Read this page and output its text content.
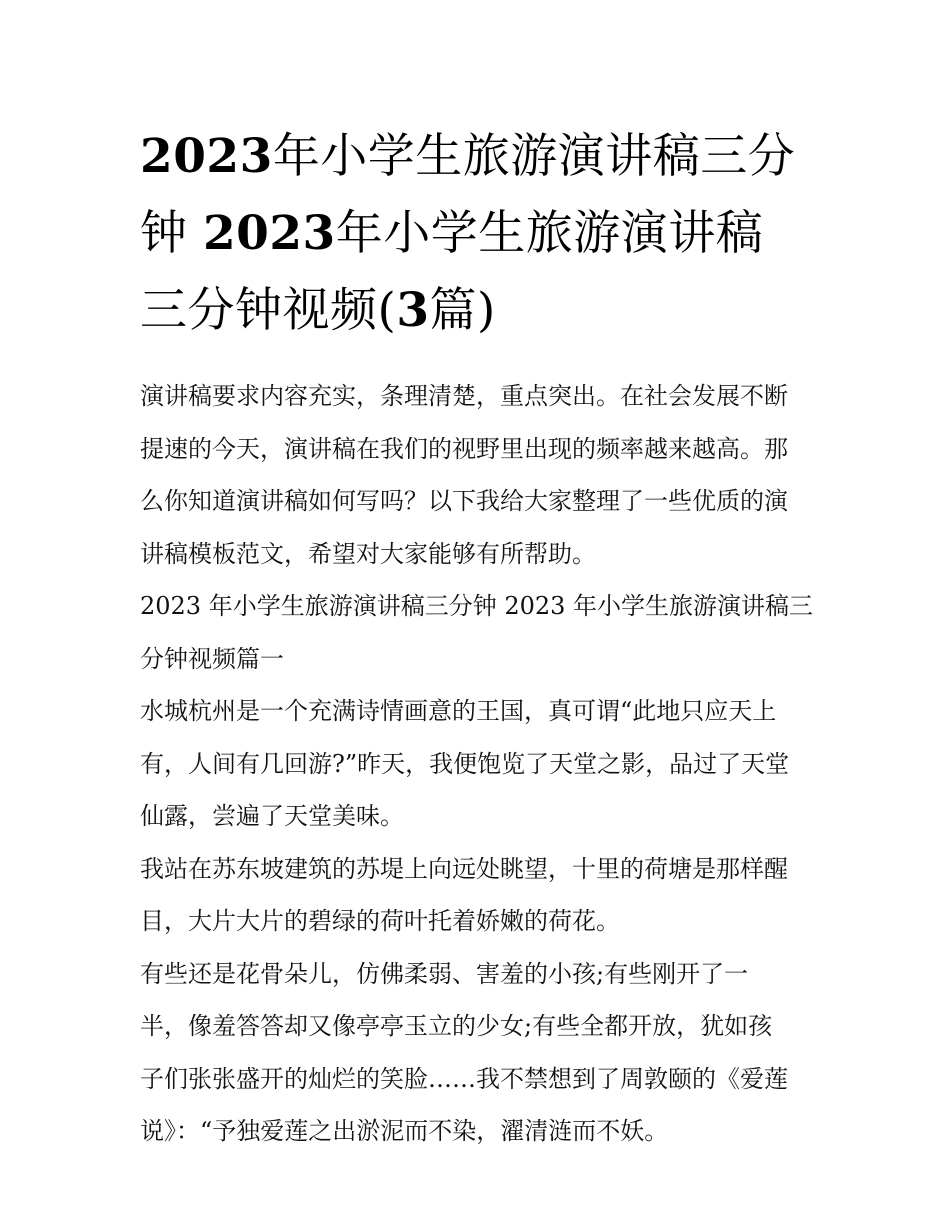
2023年小学生旅游演讲稿三分
钟 2023年小学生旅游演讲稿
三分钟视频(3篇)

演讲稿要求内容充实，条理清楚，重点突出。在社会发展不断
提速的今天，演讲稿在我们的视野里出现的频率越来越高。那
么你知道演讲稿如何写吗？以下我给大家整理了一些优质的演
讲稿模板范文，希望对大家能够有所帮助。

2023 年小学生旅游演讲稿三分钟 2023 年小学生旅游演讲稿三
分钟视频篇一

水城杭州是一个充满诗情画意的王国，真可谓“此地只应天上
有，人间有几回游?”昨天，我便饱览了天堂之影，品过了天堂
仙露，尝遍了天堂美味。

我站在苏东坡建筑的苏堤上向远处眺望，十里的荷塘是那样醒
目，大片大片的碧绿的荷叶托着娇嫩的荷花。

有些还是花骨朵儿，仿佛柔弱、害羞的小孩;有些刚开了一
半，像羞答答却又像亭亭玉立的少女;有些全都开放，犹如孩
子们张张盛开的灿烂的笑脸……我不禁想到了周敦颐的《爱莲
说》：“予独爱莲之出淤泥而不染，濯清涟而不妖。
